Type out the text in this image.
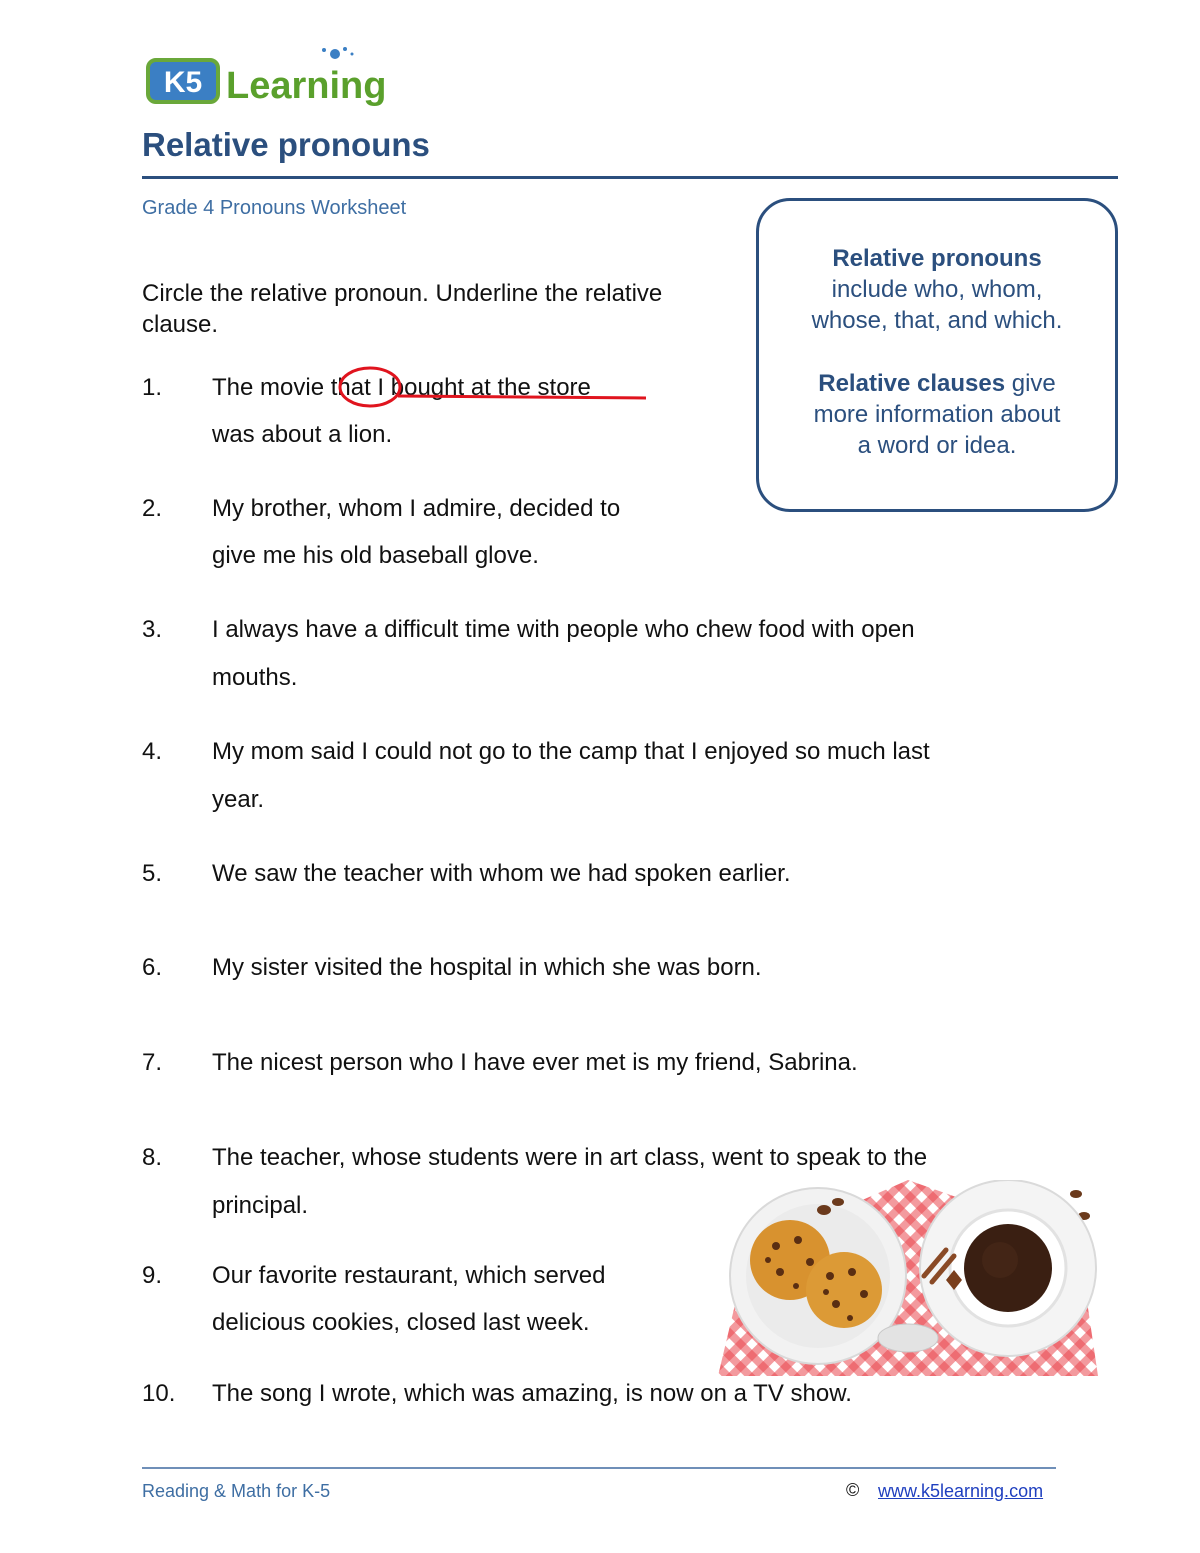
K5 Learning
Relative pronouns
Grade 4 Pronouns Worksheet
Circle the relative pronoun. Underline the relative clause.
1. The movie that I bought at the store
was about a lion.
2. My brother, whom I admire, decided to
give me his old baseball glove.
3. I always have a difficult time with people who chew food with open
mouths.
4. My mom said I could not go to the camp that I enjoyed so much last
year.
5. We saw the teacher with whom we had spoken earlier.
6. My sister visited the hospital in which she was born.
7. The nicest person who I have ever met is my friend, Sabrina.
8. The teacher, whose students were in art class, went to speak to the
principal.
9. Our favorite restaurant, which served
delicious cookies, closed last week.
10. The song I wrote, which was amazing, is now on a TV show.

Relative pronouns

include who, whom,

whose, that, and which.

Relative clauses give

more information about

a word or idea.

Reading & Math for K-5	© www.k5learning.com
